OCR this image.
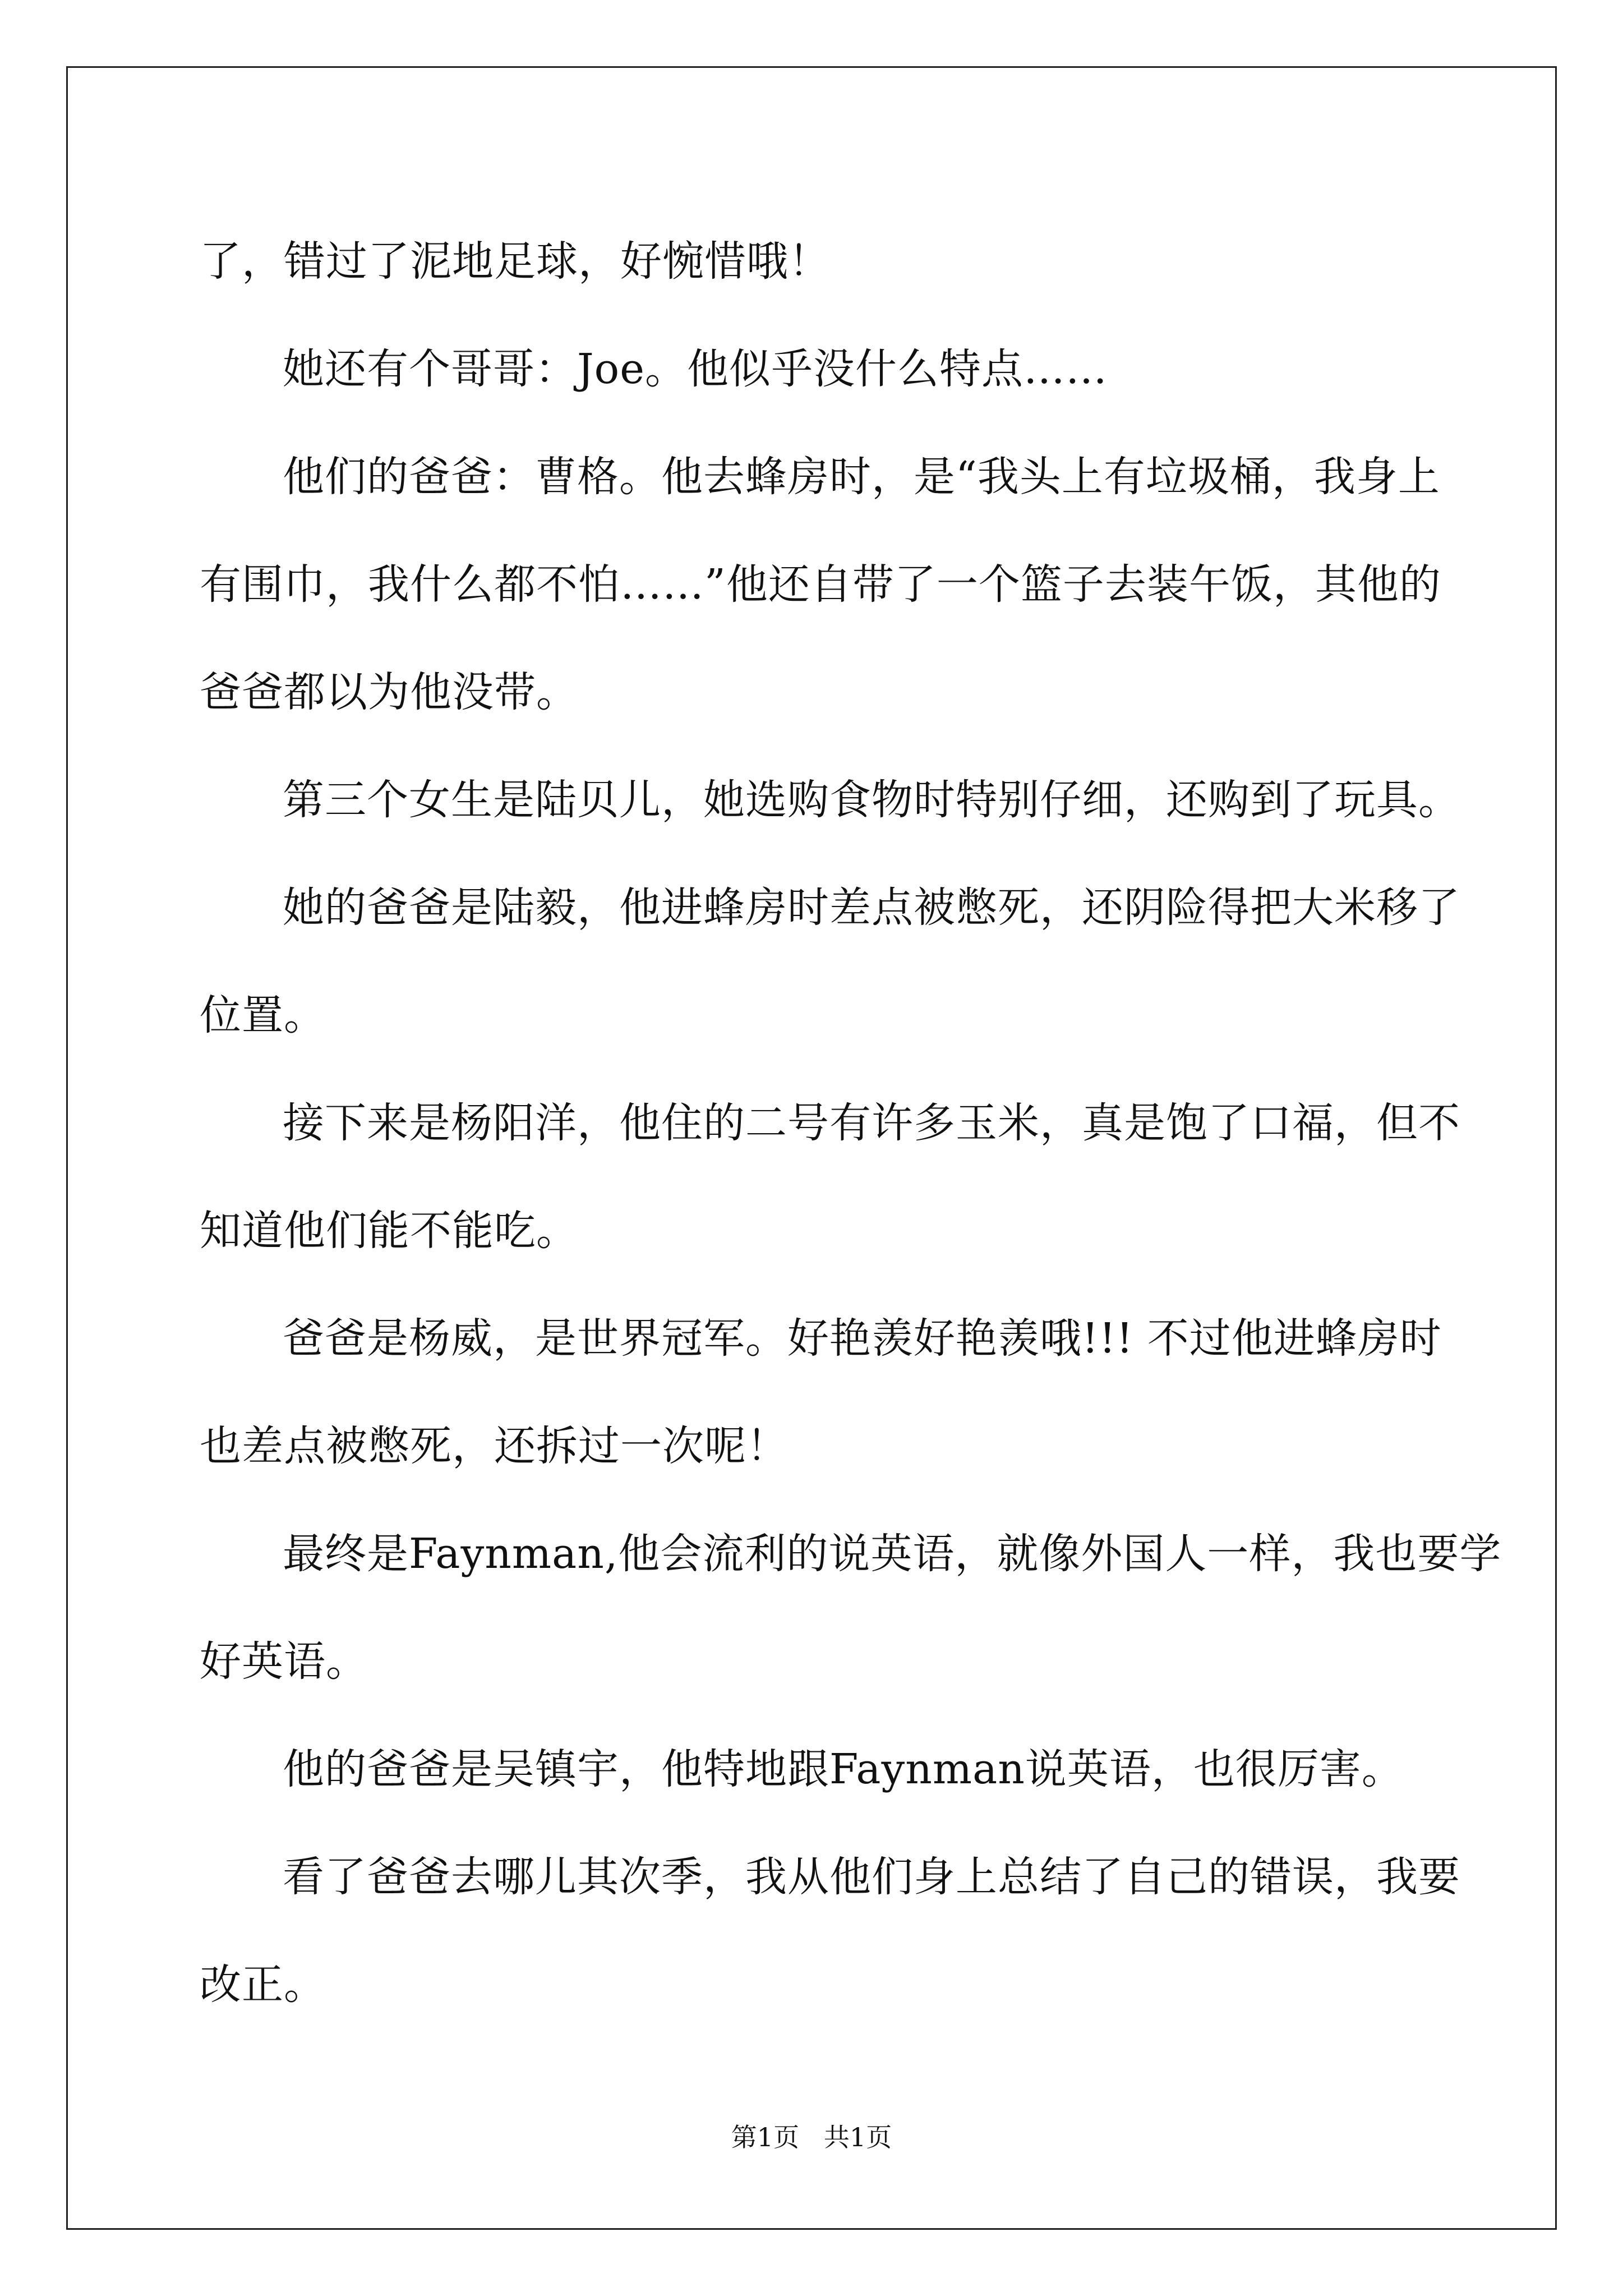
了，错过了泥地足球，好惋惜哦！
她还有个哥哥：Joe。他似乎没什么特点……
他们的爸爸：曹格。他去蜂房时，是“我头上有垃圾桶，我身上
有围巾，我什么都不怕……”他还自带了一个篮子去装午饭，其他的
爸爸都以为他没带。
第三个女生是陆贝儿，她选购食物时特别仔细，还购到了玩具。
她的爸爸是陆毅，他进蜂房时差点被憋死，还阴险得把大米移了
位置。
接下来是杨阳洋，他住的二号有许多玉米，真是饱了口福，但不
知道他们能不能吃。
爸爸是杨威，是世界冠军。好艳羡好艳羡哦!!! 不过他进蜂房时
也差点被憋死，还拆过一次呢！
最终是Faynman,他会流利的说英语，就像外国人一样，我也要学
好英语。
他的爸爸是吴镇宇，他特地跟Faynman说英语，也很厉害。
看了爸爸去哪儿其次季，我从他们身上总结了自己的错误，我要
改正。
第1页   共1页
